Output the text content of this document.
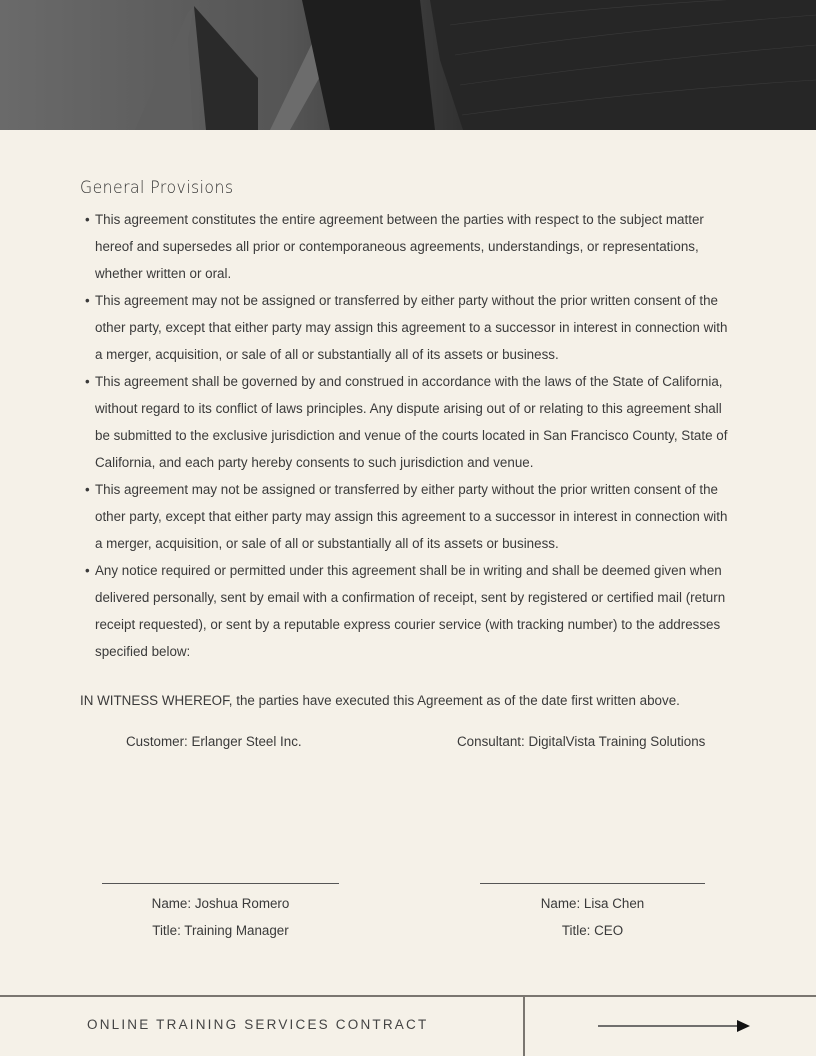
General Provisions
• This agreement constitutes the entire agreement between the parties with respect to the subject matter hereof and supersedes all prior or contemporaneous agreements, understandings, or representations, whether written or oral.
• This agreement may not be assigned or transferred by either party without the prior written consent of the other party, except that either party may assign this agreement to a successor in interest in connection with a merger, acquisition, or sale of all or substantially all of its assets or business.
• This agreement shall be governed by and construed in accordance with the laws of the State of California, without regard to its conflict of laws principles. Any dispute arising out of or relating to this agreement shall be submitted to the exclusive jurisdiction and venue of the courts located in San Francisco County, State of California, and each party hereby consents to such jurisdiction and venue.
• This agreement may not be assigned or transferred by either party without the prior written consent of the other party, except that either party may assign this agreement to a successor in interest in connection with a merger, acquisition, or sale of all or substantially all of its assets or business.
• Any notice required or permitted under this agreement shall be in writing and shall be deemed given when delivered personally, sent by email with a confirmation of receipt, sent by registered or certified mail (return receipt requested), or sent by a reputable express courier service (with tracking number) to the addresses specified below:
IN WITNESS WHEREOF, the parties have executed this Agreement as of the date first written above.
Customer: Erlanger Steel Inc.	Consultant: DigitalVista Training Solutions
Name: Joshua Romero
Title: Training Manager
Name: Lisa Chen
Title: CEO
ONLINE TRAINING SERVICES CONTRACT
